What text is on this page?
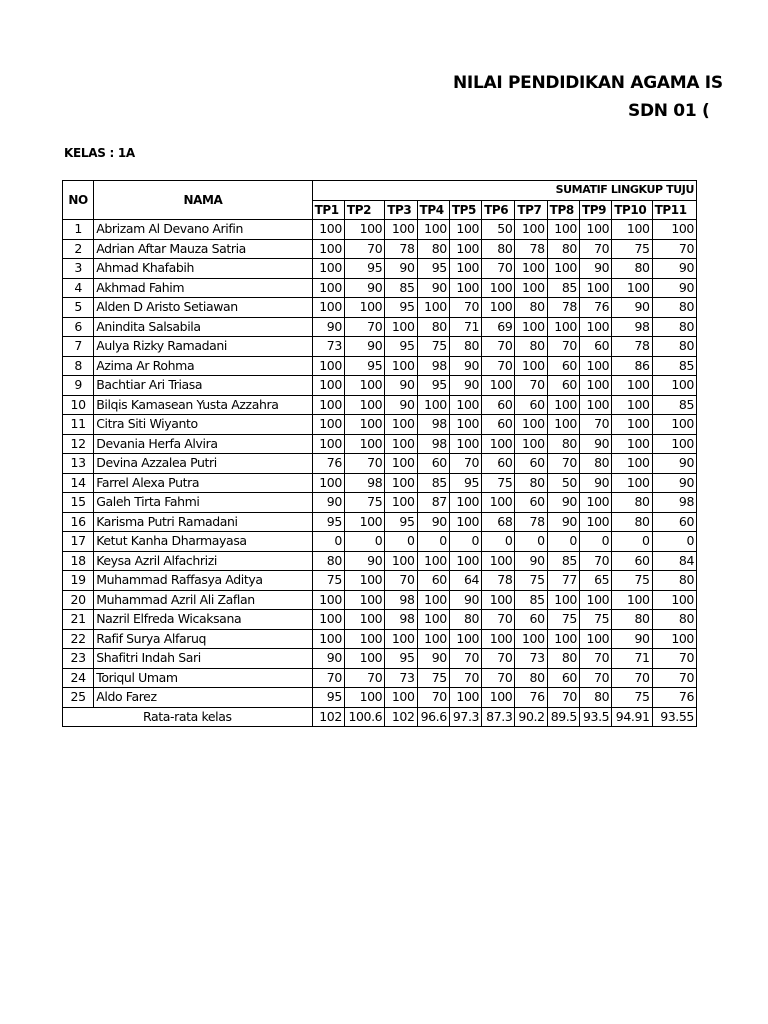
NILAI PENDIDIKAN AGAMA IS
SDN 01 (
KELAS : 1A
NO	NAMA	SUMATIF LINGKUP TUJU										
		TP1	TP2	TP3	TP4	TP5	TP6	TP7	TP8	TP9	TP10	TP11
1	Abrizam Al Devano Arifin	100	100	100	100	100	50	100	100	100	100	100
2	Adrian Aftar Mauza Satria	100	70	78	80	100	80	78	80	70	75	70
3	Ahmad Khafabih	100	95	90	95	100	70	100	100	90	80	90
4	Akhmad Fahim	100	90	85	90	100	100	100	85	100	100	90
5	Alden D Aristo Setiawan	100	100	95	100	70	100	80	78	76	90	80
6	Anindita Salsabila	90	70	100	80	71	69	100	100	100	98	80
7	Aulya Rizky Ramadani	73	90	95	75	80	70	80	70	60	78	80
8	Azima Ar Rohma	100	95	100	98	90	70	100	60	100	86	85
9	Bachtiar Ari Triasa	100	100	90	95	90	100	70	60	100	100	100
10	Bilqis Kamasean Yusta Azzahra	100	100	90	100	100	60	60	100	100	100	85
11	Citra Siti Wiyanto	100	100	100	98	100	60	100	100	70	100	100
12	Devania Herfa Alvira	100	100	100	98	100	100	100	80	90	100	100
13	Devina Azzalea Putri	76	70	100	60	70	60	60	70	80	100	90
14	Farrel Alexa Putra	100	98	100	85	95	75	80	50	90	100	90
15	Galeh Tirta Fahmi	90	75	100	87	100	100	60	90	100	80	98
16	Karisma Putri Ramadani	95	100	95	90	100	68	78	90	100	80	60
17	Ketut Kanha Dharmayasa	0	0	0	0	0	0	0	0	0	0	0
18	Keysa Azril Alfachrizi	80	90	100	100	100	100	90	85	70	60	84
19	Muhammad Raffasya Aditya	75	100	70	60	64	78	75	77	65	75	80
20	Muhammad Azril Ali Zaflan	100	100	98	100	90	100	85	100	100	100	100
21	Nazril Elfreda Wicaksana	100	100	98	100	80	70	60	75	75	80	80
22	Rafif Surya Alfaruq	100	100	100	100	100	100	100	100	100	90	100
23	Shafitri Indah Sari	90	100	95	90	70	70	73	80	70	71	70
24	Toriqul Umam	70	70	73	75	70	70	80	60	70	70	70
25	Aldo Farez	95	100	100	70	100	100	76	70	80	75	76
Rata-rata kelas		102	100.6	102	96.6	97.3	87.3	90.2	89.5	93.5	94.91	93.55
